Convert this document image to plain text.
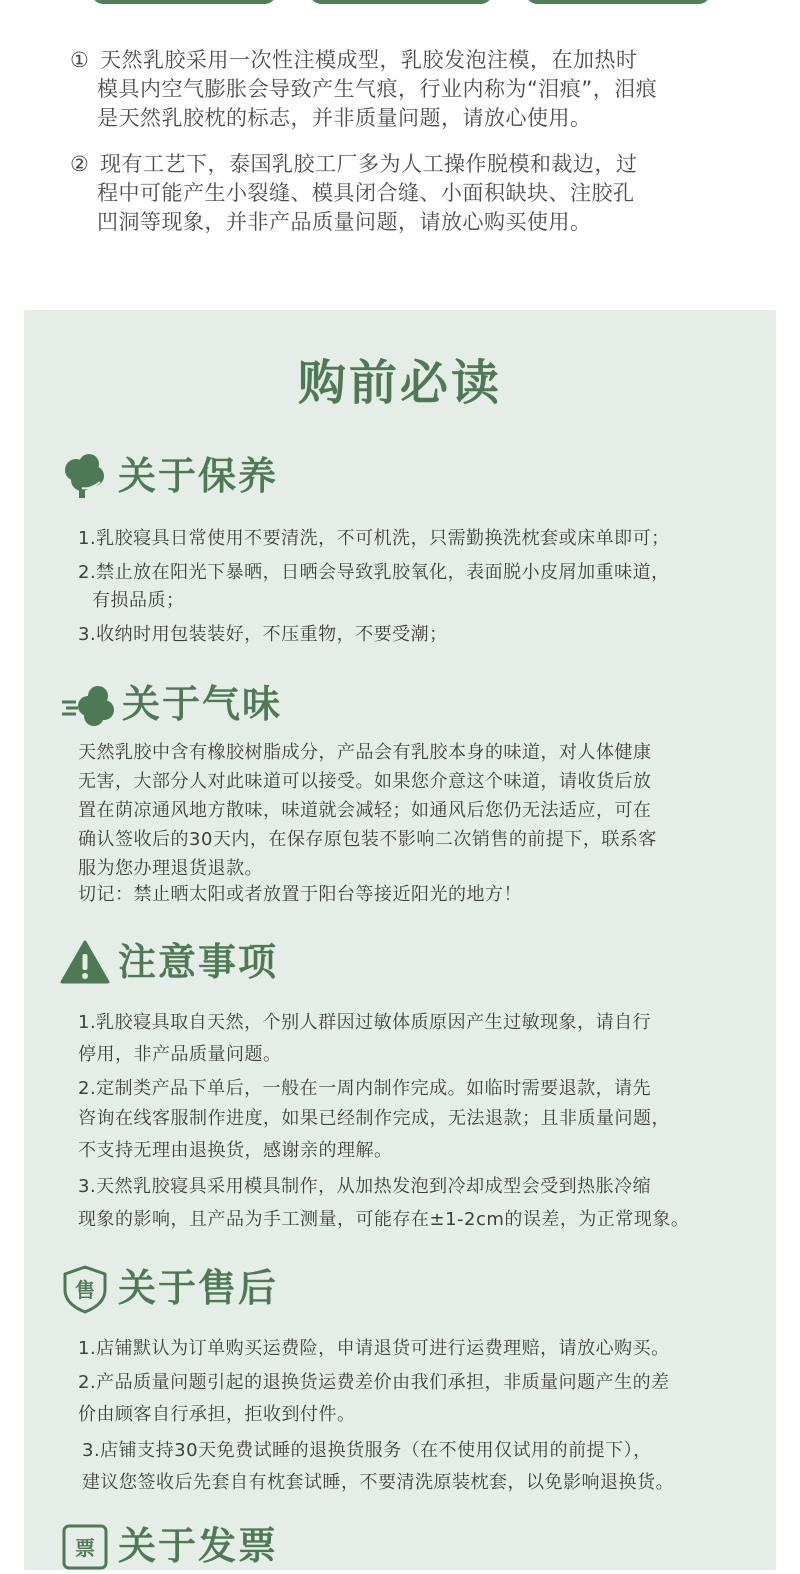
① 天然乳胶采用一次性注模成型，乳胶发泡注模，在加热时
模具内空气膨胀会导致产生气痕，行业内称为“泪痕”，泪痕
是天然乳胶枕的标志，并非质量问题，请放心使用。
② 现有工艺下，泰国乳胶工厂多为人工操作脱模和裁边，过
程中可能产生小裂缝、模具闭合缝、小面积缺块、注胶孔
凹洞等现象，并非产品质量问题，请放心购买使用。
购前必读
关于保养
1.乳胶寝具日常使用不要清洗，不可机洗，只需勤换洗枕套或床单即可；
2.禁止放在阳光下暴晒，日晒会导致乳胶氧化，表面脱小皮屑加重味道，
有损品质；
3.收纳时用包装装好，不压重物，不要受潮；
关于气味
天然乳胶中含有橡胶树脂成分，产品会有乳胶本身的味道，对人体健康
无害，大部分人对此味道可以接受。如果您介意这个味道，请收货后放
置在荫凉通风地方散味，味道就会减轻；如通风后您仍无法适应，可在
确认签收后的30天内，在保存原包装不影响二次销售的前提下，联系客
服为您办理退货退款。
切记：禁止晒太阳或者放置于阳台等接近阳光的地方！
注意事项
1.乳胶寝具取自天然，个别人群因过敏体质原因产生过敏现象，请自行
停用，非产品质量问题。
2.定制类产品下单后，一般在一周内制作完成。如临时需要退款，请先
咨询在线客服制作进度，如果已经制作完成，无法退款；且非质量问题，
不支持无理由退换货，感谢亲的理解。
3.天然乳胶寝具采用模具制作，从加热发泡到冷却成型会受到热胀冷缩
现象的影响，且产品为手工测量，可能存在±1-2cm的误差，为正常现象。
售 关于售后
1.店铺默认为订单购买运费险，申请退货可进行运费理赔，请放心购买。
2.产品质量问题引起的退换货运费差价由我们承担，非质量问题产生的差
价由顾客自行承担，拒收到付件。
3.店铺支持30天免费试睡的退换货服务（在不使用仅试用的前提下），
建议您签收后先套自有枕套试睡，不要清洗原装枕套，以免影响退换货。
票 关于发票
